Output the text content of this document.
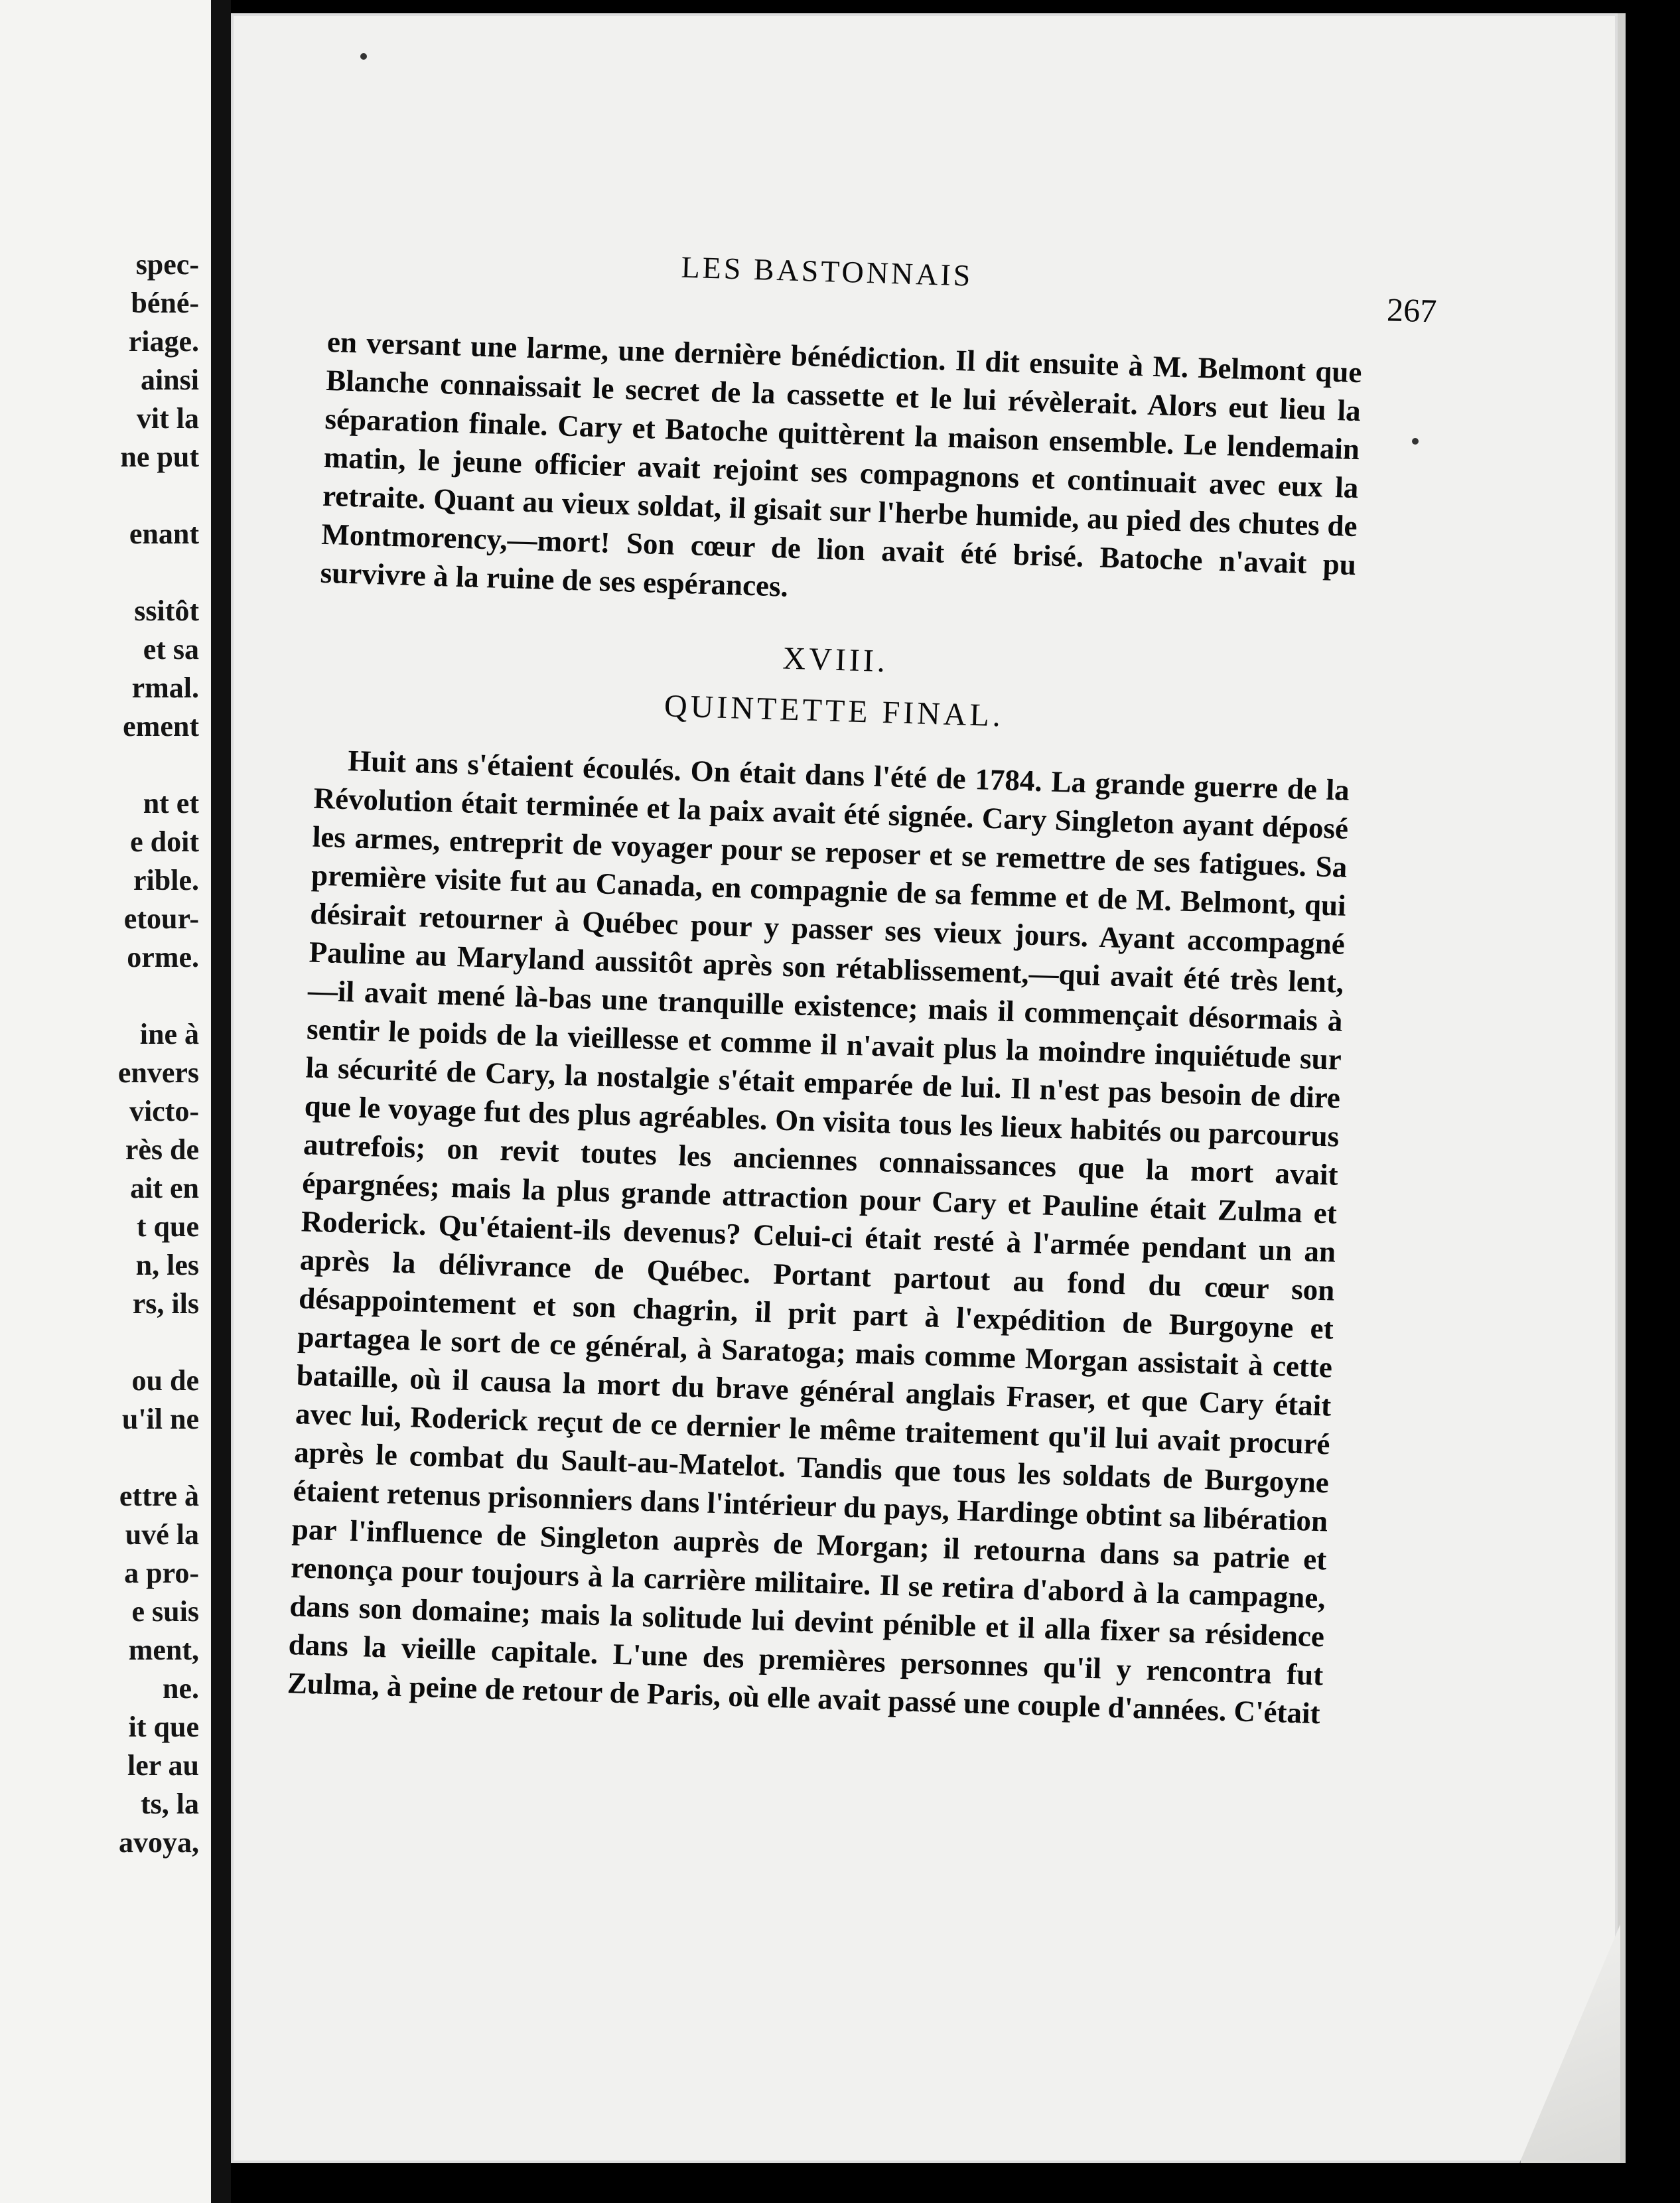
spec-
béné-
riage.
ainsi
vit la
ne put
enant
ssitôt
et sa
rmal.
ement
nt et
e doit
rible.
etour-
orme.
ine à
envers
victo-
rès de
ait en
t que
n, les
rs, ils
ou de
u'il ne
ettre à
uvé la
a pro-
e suis
ment,
ne.
it que
ler au
ts, la
avoya,
LES BASTONNAIS
267

en versant une larme, une dernière bénédiction. Il dit ensuite à M. Belmont que Blanche connaissait le secret de la cassette et le lui révèlerait. Alors eut lieu la séparation finale. Cary et Batoche quittèrent la maison ensemble. Le lendemain matin, le jeune officier avait rejoint ses compagnons et continuait avec eux la retraite. Quant au vieux soldat, il gisait sur l'herbe humide, au pied des chutes de Montmorency,—mort! Son cœur de lion avait été brisé. Batoche n'avait pu survivre à la ruine de ses espérances.

XVIII.
QUINTETTE FINAL.

Huit ans s'étaient écoulés. On était dans l'été de 1784. La grande guerre de la Révolution était terminée et la paix avait été signée. Cary Singleton ayant déposé les armes, entreprit de voyager pour se reposer et se remettre de ses fatigues. Sa première visite fut au Canada, en compagnie de sa femme et de M. Belmont, qui désirait retourner à Québec pour y passer ses vieux jours. Ayant accompagné Pauline au Maryland aussitôt après son rétablissement,—qui avait été très lent,—il avait mené là-bas une tranquille existence; mais il commençait désormais à sentir le poids de la vieillesse et comme il n'avait plus la moindre inquiétude sur la sécurité de Cary, la nostalgie s'était emparée de lui. Il n'est pas besoin de dire que le voyage fut des plus agréables. On visita tous les lieux habités ou parcourus autrefois; on revit toutes les anciennes connaissances que la mort avait épargnées; mais la plus grande attraction pour Cary et Pauline était Zulma et Roderick. Qu'étaient-ils devenus? Celui-ci était resté à l'armée pendant un an après la délivrance de Québec. Portant partout au fond du cœur son désappointement et son chagrin, il prit part à l'expédition de Burgoyne et partagea le sort de ce général, à Saratoga; mais comme Morgan assistait à cette bataille, où il causa la mort du brave général anglais Fraser, et que Cary était avec lui, Roderick reçut de ce dernier le même traitement qu'il lui avait procuré après le combat du Sault-au-Matelot. Tandis que tous les soldats de Burgoyne étaient retenus prisonniers dans l'intérieur du pays, Hardinge obtint sa libération par l'influence de Singleton auprès de Morgan; il retourna dans sa patrie et renonça pour toujours à la carrière militaire. Il se retira d'abord à la campagne, dans son domaine; mais la solitude lui devint pénible et il alla fixer sa résidence dans la vieille capitale. L'une des premières personnes qu'il y rencontra fut Zulma, à peine de retour de Paris, où elle avait passé une couple d'années. C'était
